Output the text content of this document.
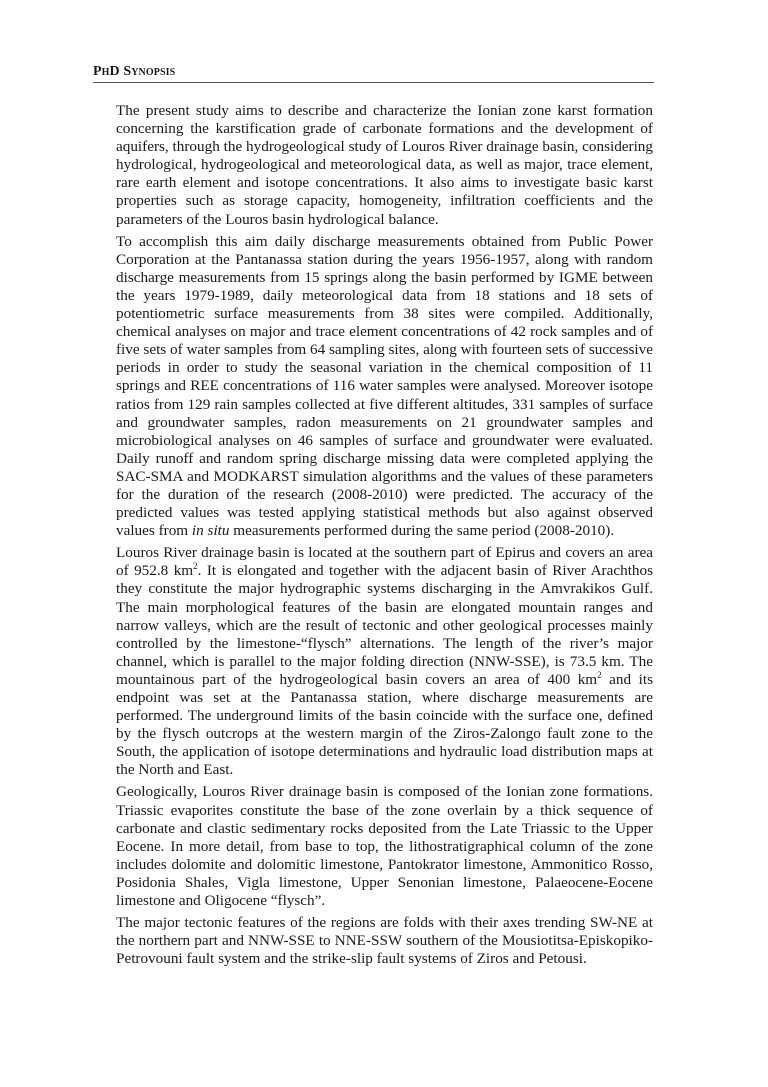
PhD Synopsis

The present study aims to describe and characterize the Ionian zone karst formation concerning the karstification grade of carbonate formations and the development of aquifers, through the hydrogeological study of Louros River drainage basin, considering hydrological, hydrogeological and meteorological data, as well as major, trace element, rare earth element and isotope concentrations. It also aims to investigate basic karst properties such as storage capacity, homogeneity, infiltration coefficients and the parameters of the Louros basin hydrological balance.

To accomplish this aim daily discharge measurements obtained from Public Power Corporation at the Pantanassa station during the years 1956-1957, along with random discharge measurements from 15 springs along the basin performed by IGME between the years 1979-1989, daily meteorological data from 18 stations and 18 sets of potentiometric surface measurements from 38 sites were compiled. Additionally, chemical analyses on major and trace element concentrations of 42 rock samples and of five sets of water samples from 64 sampling sites, along with fourteen sets of successive periods in order to study the seasonal variation in the chemical composition of 11 springs and REE concentrations of 116 water samples were analysed. Moreover isotope ratios from 129 rain samples collected at five different altitudes, 331 samples of surface and groundwater samples, radon measurements on 21 groundwater samples and microbiological analyses on 46 samples of surface and groundwater were evaluated. Daily runoff and random spring discharge missing data were completed applying the SAC-SMA and MODKARST simulation algorithms and the values of these parameters for the duration of the research (2008-2010) were predicted. The accuracy of the predicted values was tested applying statistical methods but also against observed values from in situ measurements performed during the same period (2008-2010).

Louros River drainage basin is located at the southern part of Epirus and covers an area of 952.8 $km^2$. It is elongated and together with the adjacent basin of River Arachthos they constitute the major hydrographic systems discharging in the Amvrakikos Gulf. The main morphological features of the basin are elongated mountain ranges and narrow valleys, which are the result of tectonic and other geological processes mainly controlled by the limestone-“flysch” alternations. The length of the river’s major channel, which is parallel to the major folding direction (NNW-SSE), is 73.5 km. The mountainous part of the hydrogeological basin covers an area of 400 $km^2$ and its endpoint was set at the Pantanassa station, where discharge measurements are performed. The underground limits of the basin coincide with the surface one, defined by the flysch outcrops at the western margin of the Ziros-Zalongo fault zone to the South, the application of isotope determinations and hydraulic load distribution maps at the North and East.

Geologically, Louros River drainage basin is composed of the Ionian zone formations. Triassic evaporites constitute the base of the zone overlain by a thick sequence of carbonate and clastic sedimentary rocks deposited from the Late Triassic to the Upper Eocene. In more detail, from base to top, the lithostratigraphical column of the zone includes dolomite and dolomitic limestone, Pantokrator limestone, Ammonitico Rosso, Posidonia Shales, Vigla limestone, Upper Senonian limestone, Palaeocene-Eocene limestone and Oligocene “flysch”.

The major tectonic features of the regions are folds with their axes trending SW-NE at the northern part and NNW-SSE to NNE-SSW southern of the Mousiotitsa-Episkopiko-Petrovouni fault system and the strike-slip fault systems of Ziros and Petousi.
